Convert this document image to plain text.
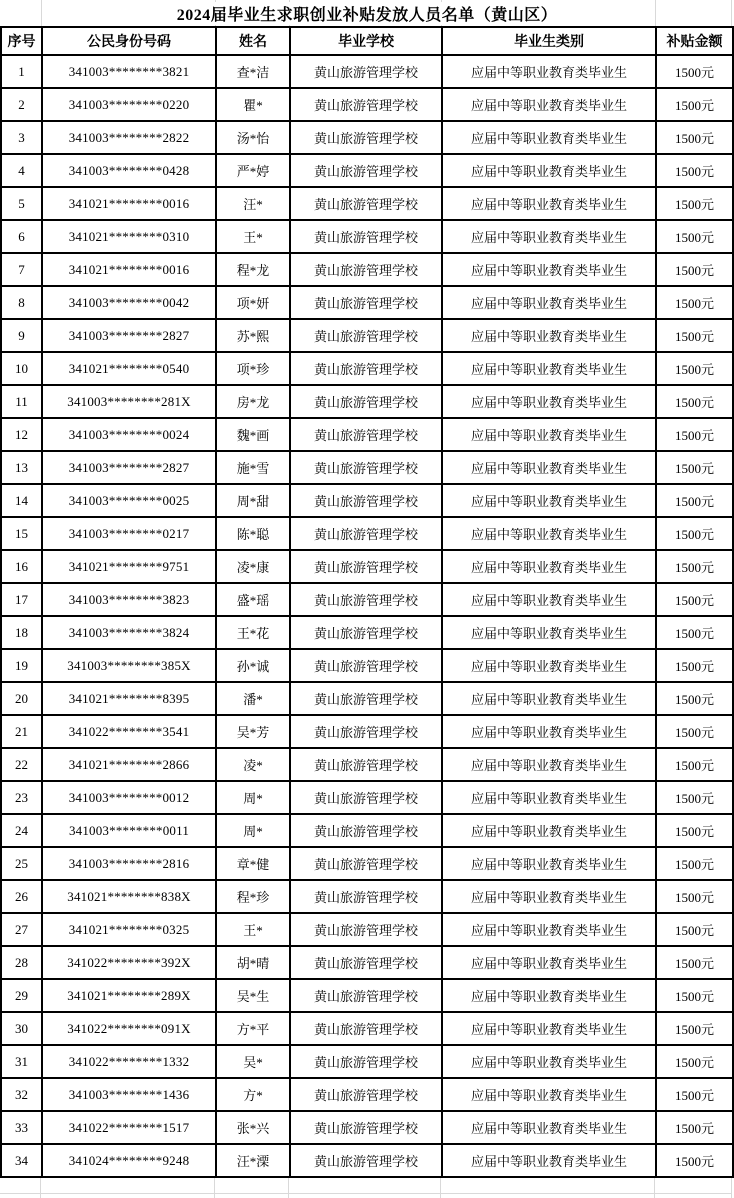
2024届毕业生求职创业补贴发放人员名单（黄山区）
序号	公民身份号码	姓名	毕业学校	毕业生类别	补贴金额
1	341003********3821	查*洁	黄山旅游管理学校	应届中等职业教育类毕业生	1500元
2	341003********0220	瞿*	黄山旅游管理学校	应届中等职业教育类毕业生	1500元
3	341003********2822	汤*怡	黄山旅游管理学校	应届中等职业教育类毕业生	1500元
4	341003********0428	严*婷	黄山旅游管理学校	应届中等职业教育类毕业生	1500元
5	341021********0016	汪*	黄山旅游管理学校	应届中等职业教育类毕业生	1500元
6	341021********0310	王*	黄山旅游管理学校	应届中等职业教育类毕业生	1500元
7	341021********0016	程*龙	黄山旅游管理学校	应届中等职业教育类毕业生	1500元
8	341003********0042	项*妍	黄山旅游管理学校	应届中等职业教育类毕业生	1500元
9	341003********2827	苏*熙	黄山旅游管理学校	应届中等职业教育类毕业生	1500元
10	341021********0540	项*珍	黄山旅游管理学校	应届中等职业教育类毕业生	1500元
11	341003********281X	房*龙	黄山旅游管理学校	应届中等职业教育类毕业生	1500元
12	341003********0024	魏*画	黄山旅游管理学校	应届中等职业教育类毕业生	1500元
13	341003********2827	施*雪	黄山旅游管理学校	应届中等职业教育类毕业生	1500元
14	341003********0025	周*甜	黄山旅游管理学校	应届中等职业教育类毕业生	1500元
15	341003********0217	陈*聪	黄山旅游管理学校	应届中等职业教育类毕业生	1500元
16	341021********9751	凌*康	黄山旅游管理学校	应届中等职业教育类毕业生	1500元
17	341003********3823	盛*瑶	黄山旅游管理学校	应届中等职业教育类毕业生	1500元
18	341003********3824	王*花	黄山旅游管理学校	应届中等职业教育类毕业生	1500元
19	341003********385X	孙*诚	黄山旅游管理学校	应届中等职业教育类毕业生	1500元
20	341021********8395	潘*	黄山旅游管理学校	应届中等职业教育类毕业生	1500元
21	341022********3541	吴*芳	黄山旅游管理学校	应届中等职业教育类毕业生	1500元
22	341021********2866	凌*	黄山旅游管理学校	应届中等职业教育类毕业生	1500元
23	341003********0012	周*	黄山旅游管理学校	应届中等职业教育类毕业生	1500元
24	341003********0011	周*	黄山旅游管理学校	应届中等职业教育类毕业生	1500元
25	341003********2816	章*健	黄山旅游管理学校	应届中等职业教育类毕业生	1500元
26	341021********838X	程*珍	黄山旅游管理学校	应届中等职业教育类毕业生	1500元
27	341021********0325	王*	黄山旅游管理学校	应届中等职业教育类毕业生	1500元
28	341022********392X	胡*晴	黄山旅游管理学校	应届中等职业教育类毕业生	1500元
29	341021********289X	吴*生	黄山旅游管理学校	应届中等职业教育类毕业生	1500元
30	341022********091X	方*平	黄山旅游管理学校	应届中等职业教育类毕业生	1500元
31	341022********1332	吴*	黄山旅游管理学校	应届中等职业教育类毕业生	1500元
32	341003********1436	方*	黄山旅游管理学校	应届中等职业教育类毕业生	1500元
33	341022********1517	张*兴	黄山旅游管理学校	应届中等职业教育类毕业生	1500元
34	341024********9248	汪*溧	黄山旅游管理学校	应届中等职业教育类毕业生	1500元
